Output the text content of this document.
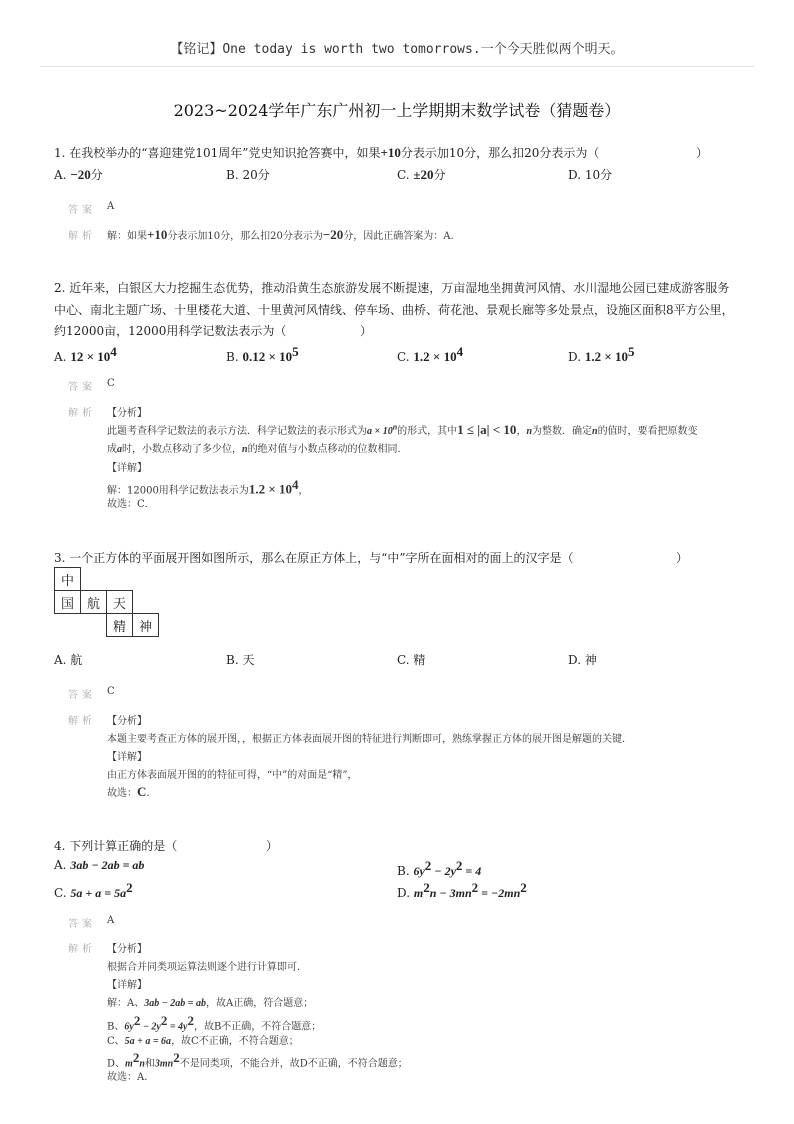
【铭记】One today is worth two tomorrows.一个今天胜似两个明天。
2023~2024学年广东广州初一上学期期末数学试卷（猜题卷）
1. 在我校举办的“喜迎建党101周年”党史知识抢答赛中，如果+10分表示加10分，那么扣20分表示为（	）
A. −20分	B. 20分	C. ±20分	D. 10分
答案 A
解析 解：如果+10分表示加10分，那么扣20分表示为−20分，因此正确答案为：A.
2. 近年来，白银区大力挖掘生态优势，推动沿黄生态旅游发展不断提速，万亩湿地坐拥黄河风情、水川湿地公园已建成游客服务
中心、南北主题广场、十里楼花大道、十里黄河风情线、停车场、曲桥、荷花池、景观长廊等多处景点，设施区面积8平方公里，
约12000亩，12000用科学记数法表示为（	）
A. $12 \times 10^4$	B. $0.12 \times 10^5$	C. $1.2 \times 10^4$	D. $1.2 \times 10^5$
答案 C
解析 【分析】
此题考查科学记数法的表示方法．科学记数法的表示形式为$a \times 10^n$的形式，其中1 ≤ |a| < 10，n为整数．确定n的值时，要看把原数变
成a时，小数点移动了多少位，n的绝对值与小数点移动的位数相同．
【详解】
解：12000用科学记数法表示为$1.2 \times 10^4$，
故选：C．
3. 一个正方体的平面展开图如图所示，那么在原正方体上，与“中”字所在面相对的面上的汉字是（	）
中			
国	航	天	
		精	神
A. 航	B. 天	C. 精	D. 神
答案 C
解析 【分析】
本题主要考查正方体的展开图，，根据正方体表面展开图的特征进行判断即可，熟练掌握正方体的展开图是解题的关键．
【详解】
由正方体表面展开图的的特征可得，“中”的对面是“精”，
故选：C．
4. 下列计算正确的是（	）
A. 3ab − 2ab = ab	B. $6y^2 - 2y^2 = 4$
C. $5a + a = 5a^2$	D. $m^2n - 3mn^2 = -2mn^2$
答案 A
解析 【分析】
根据合并同类项运算法则逐个进行计算即可．
【详解】
解：A、3ab − 2ab = ab，故A正确，符合题意；
B、$6y^2 - 2y^2 = 4y^2$，故B不正确，不符合题意；
C、5a + a = 6a，故C不正确，不符合题意；
D、$m^2n$和$3mn^2$不是同类项，不能合并，故D不正确，不符合题意；
故选：A．
